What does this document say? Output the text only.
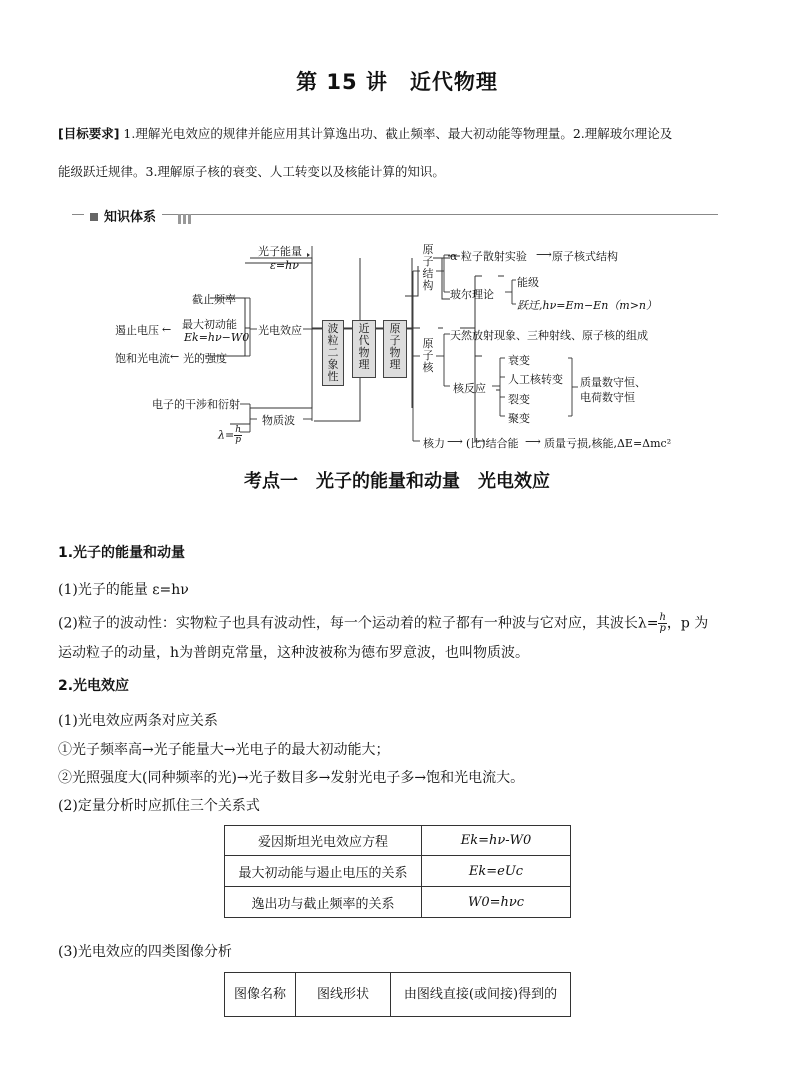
第 15 讲　近代物理
[目标要求] 1.理解光电效应的规律并能应用其计算逸出功、截止频率、最大初动能等物理量。2.理解玻尔理论及
能级跃迁规律。3.理解原子核的衰变、人工转变以及核能计算的知识。
知识体系
光子能量
ε=hν
截止频率
最大初动能
Ek=hν−W0
遏止电压 ←	光电效应
饱和光电流 ← 光的强度
电子的干涉和衍射
$\lambda= \frac{h}{p}$
物质波
波
粒
二
象
性
近
代
物
理
原
子
物
理
原
子
结
构
α 粒子散射实验 ⟶ 原子核式结构
玻尔理论
能级
跃迁,hν=Em−En（m>n）
原
子
核
天然放射现象、三种射线、原子核的组成
核反应
衰变
人工核转变
裂变
聚变
质量数守恒、
电荷数守恒
核力 ⟶ (比)结合能 ⟶ 质量亏损,核能,ΔE=Δmc²
考点一　光子的能量和动量　光电效应
1.光子的能量和动量
(1)光子的能量 ε=hν
(2)粒子的波动性：实物粒子也具有波动性，每一个运动着的粒子都有一种波与它对应，其波长$\lambda= \frac{h}{p}$ ，p 为
运动粒子的动量，h为普朗克常量，这种波被称为德布罗意波，也叫物质波。
2.光电效应
(1)光电效应两条对应关系
①光子频率高→光子能量大→光电子的最大初动能大；
②光照强度大(同种频率的光)→光子数目多→发射光电子多→饱和光电流大。
(2)定量分析时应抓住三个关系式
爱因斯坦光电效应方程	Ek=hν-W0
最大初动能与遏止电压的关系	Ek=eUc
逸出功与截止频率的关系	W0=hνc
(3)光电效应的四类图像分析
图像名称	图线形状	由图线直接(或间接)得到的
